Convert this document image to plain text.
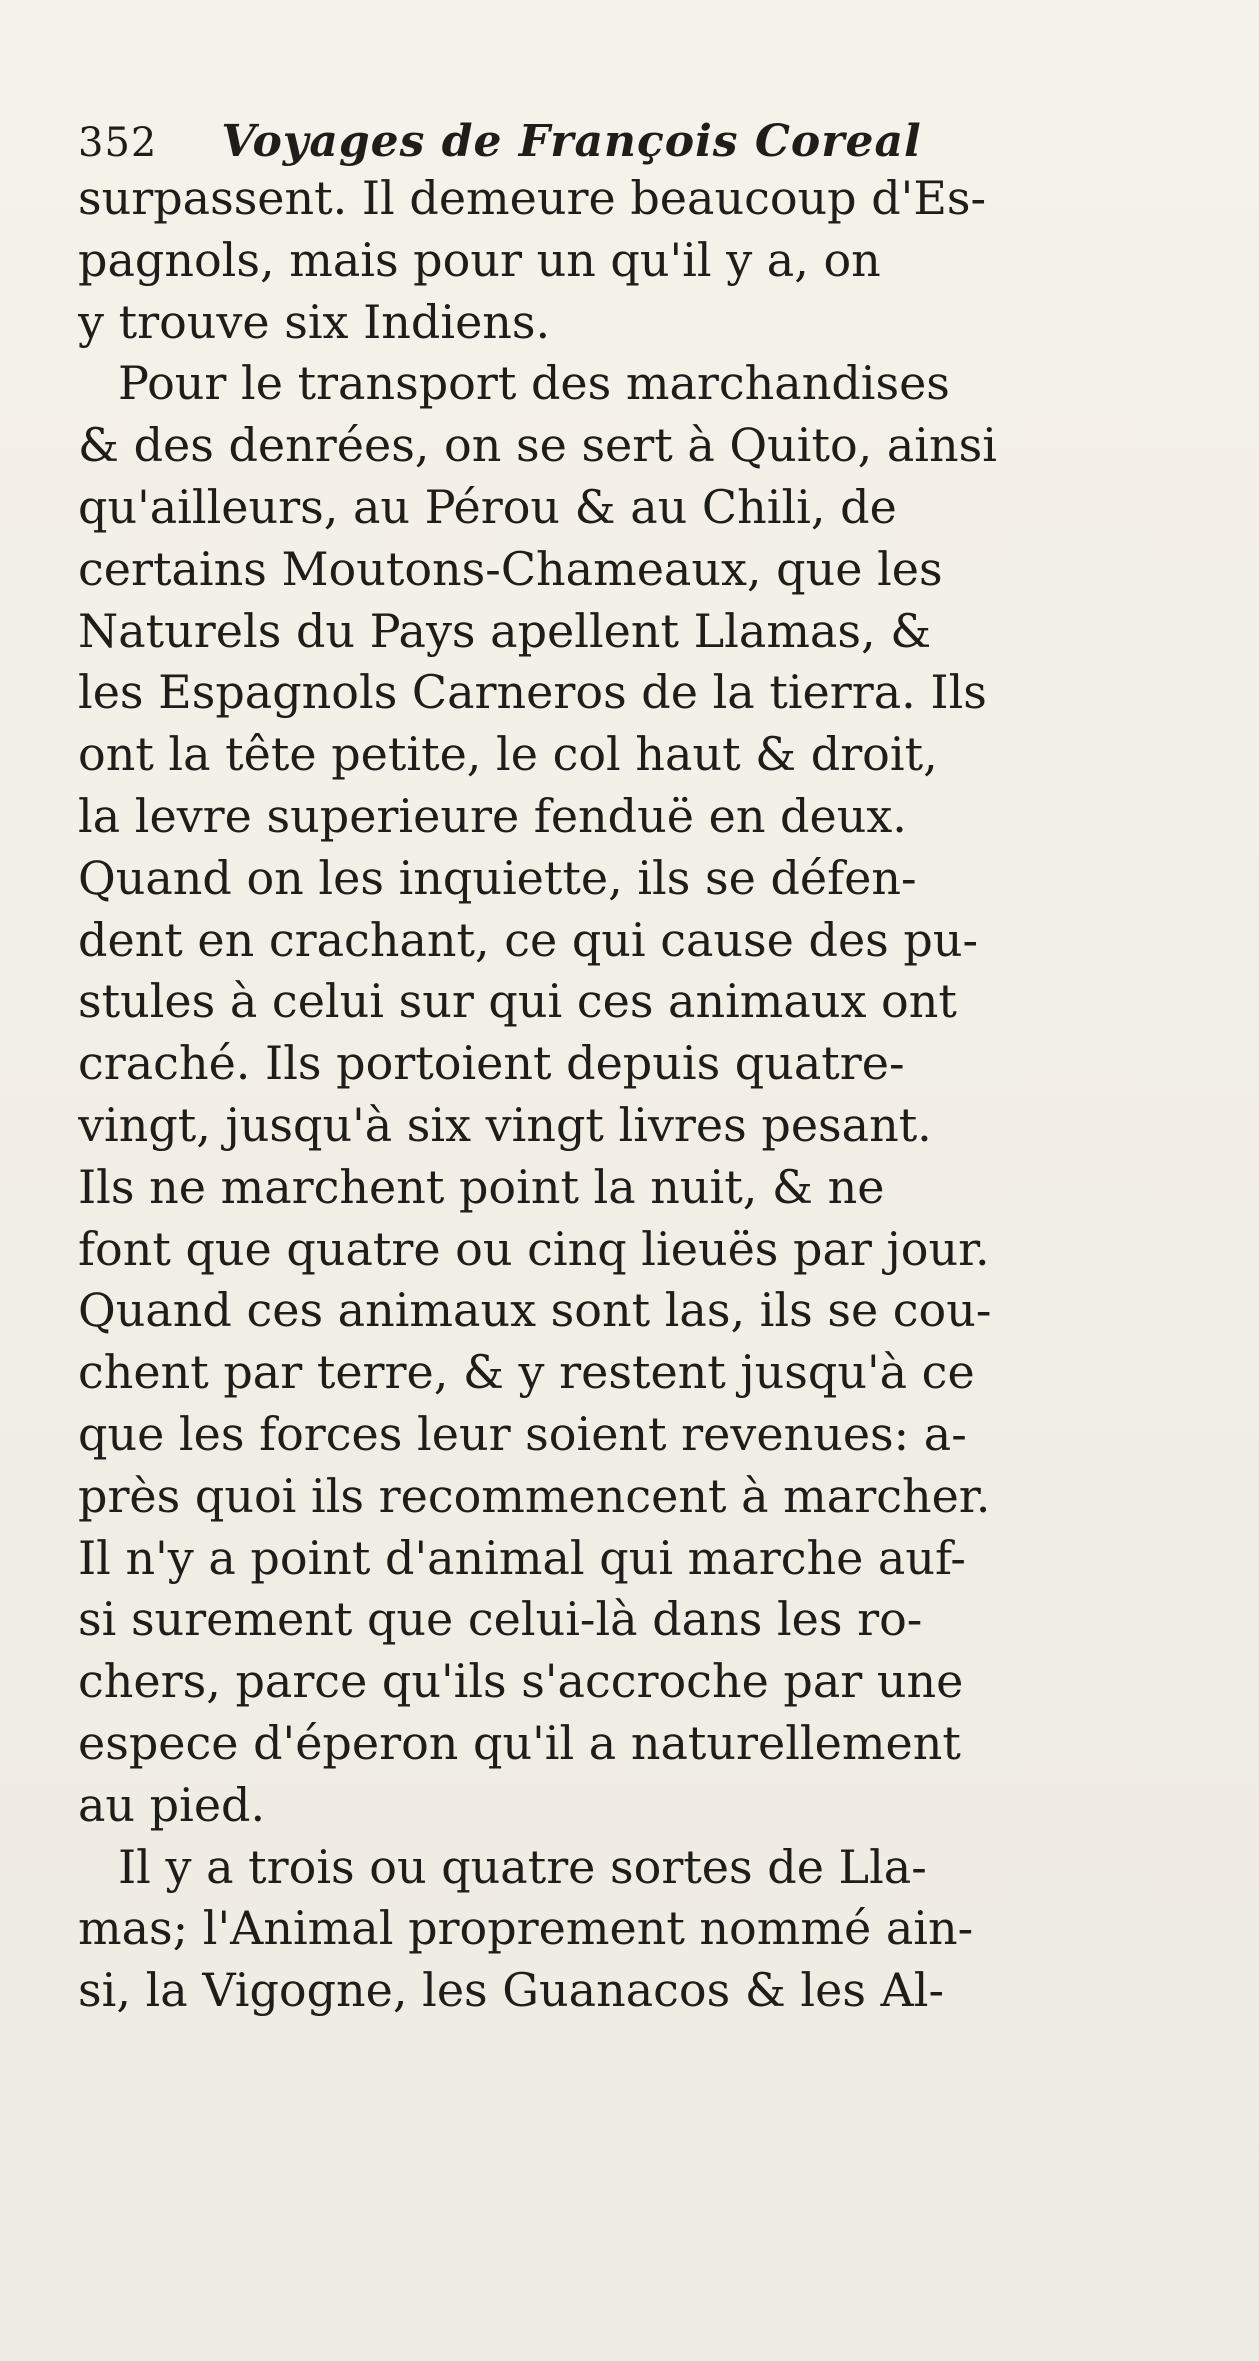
352 Voyages de François Coreal
surpassent. Il demeure beaucoup d'Es-
pagnols, mais pour un qu'il y a, on
y trouve six Indiens.
Pour le transport des marchandises
& des denrées, on se sert à Quito, ainsi
qu'ailleurs, au Pérou & au Chili, de
certains Moutons-Chameaux, que les
Naturels du Pays apellent Llamas, &
les Espagnols Carneros de la tierra. Ils
ont la tête petite, le col haut & droit,
la levre superieure fenduë en deux.
Quand on les inquiette, ils se défen-
dent en crachant, ce qui cause des pu-
stules à celui sur qui ces animaux ont
craché. Ils portoient depuis quatre-
vingt, jusqu'à six vingt livres pesant.
Ils ne marchent point la nuit, & ne
font que quatre ou cinq lieuës par jour.
Quand ces animaux sont las, ils se cou-
chent par terre, & y restent jusqu'à ce
que les forces leur soient revenues: a-
près quoi ils recommencent à marcher.
Il n'y a point d'animal qui marche auf-
si surement que celui-là dans les ro-
chers, parce qu'ils s'accroche par une
espece d'éperon qu'il a naturellement
au pied.
Il y a trois ou quatre sortes de Lla-
mas; l'Animal proprement nommé ain-
si, la Vigogne, les Guanacos & les Al-
